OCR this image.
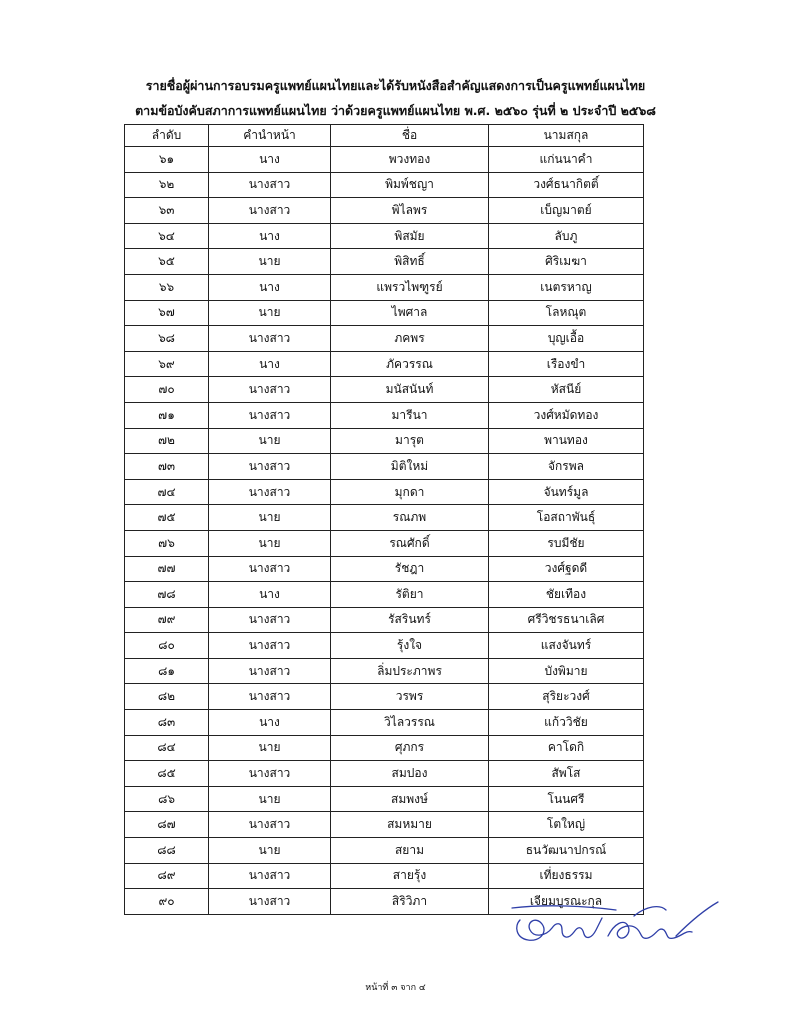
รายชื่อผู้ผ่านการอบรมครูแพทย์แผนไทยและได้รับหนังสือสำคัญแสดงการเป็นครูแพทย์แผนไทย
ตามข้อบังคับสภาการแพทย์แผนไทย ว่าด้วยครูแพทย์แผนไทย พ.ศ. ๒๕๖๐ รุ่นที่ ๒ ประจำปี ๒๕๖๘
ลำดับ	คำนำหน้า	ชื่อ	นามสกุล
๖๑	นาง	พวงทอง	แก่นนาคำ
๖๒	นางสาว	พิมพ์ชญา	วงศ์ธนากิตติ์
๖๓	นางสาว	พิไลพร	เบ็ญมาตย์
๖๔	นาง	พิสมัย	ลับภู
๖๕	นาย	พิสิทธิ์	ศิริเมฆา
๖๖	นาง	แพรวไพฑูรย์	เนตรหาญ
๖๗	นาย	ไพศาล	โลหณุต
๖๘	นางสาว	ภคพร	บุญเอื้อ
๖๙	นาง	ภัควรรณ	เรืองขำ
๗๐	นางสาว	มนัสนันท์	หัสนีย์
๗๑	นางสาว	มารีนา	วงศ์หมัดทอง
๗๒	นาย	มารุต	พานทอง
๗๓	นางสาว	มิติใหม่	จักรพล
๗๔	นางสาว	มุกดา	จันทร์มูล
๗๕	นาย	รณภพ	โอสถาพันธุ์
๗๖	นาย	รณศักดิ์	รบมีชัย
๗๗	นางสาว	รัชฎา	วงศ์ฐดดี
๗๘	นาง	รัติยา	ชัยเทือง
๗๙	นางสาว	รัสรินทร์	ศรีวิชรธนาเลิศ
๘๐	นางสาว	รุ้งใจ	แสงจันทร์
๘๑	นางสาว	ลิ่มประภาพร	บังพิมาย
๘๒	นางสาว	วรพร	สุริยะวงศ์
๘๓	นาง	วิไลวรรณ	แก้ววิชัย
๘๔	นาย	ศุภกร	คาโดกิ
๘๕	นางสาว	สมปอง	สัพโส
๘๖	นาย	สมพงษ์	โนนศรี
๘๗	นางสาว	สมหมาย	โตใหญ่
๘๘	นาย	สยาม	ธนวัฒนาปกรณ์
๘๙	นางสาว	สายรุ้ง	เที่ยงธรรม
๙๐	นางสาว	สิริวิภา	เจียมบูรณะกุล
หน้าที่ ๓ จาก ๔
